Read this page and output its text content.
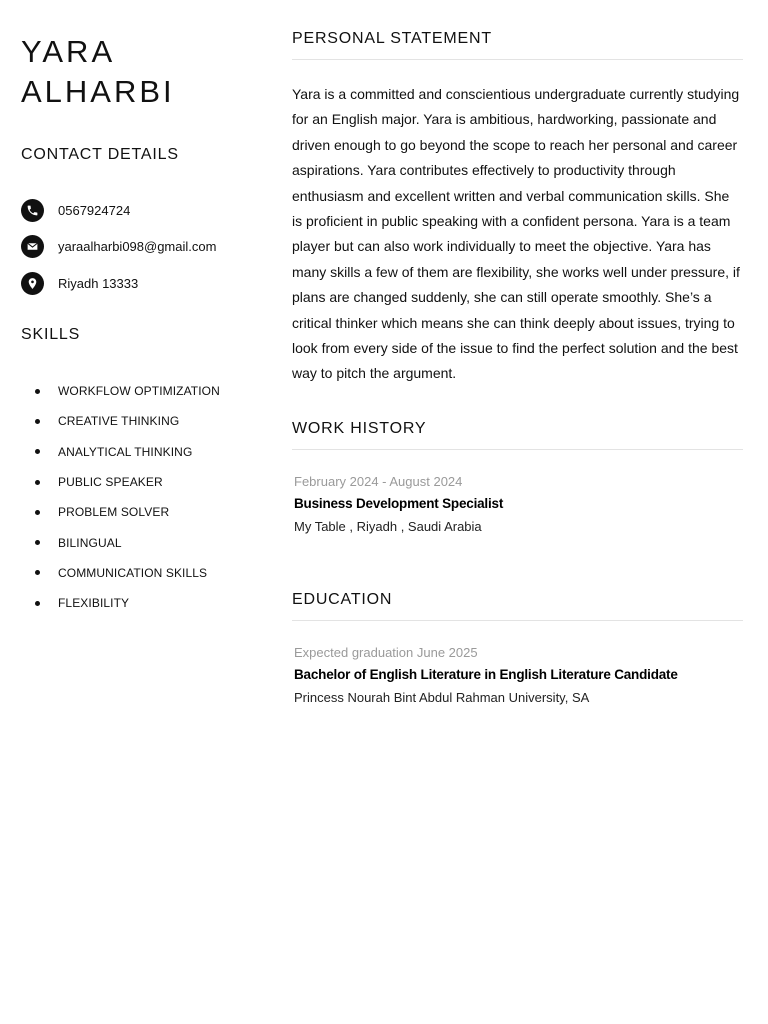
YARA
ALHARBI
CONTACT DETAILS
0567924724
yaraalharbi098@gmail.com
Riyadh 13333
SKILLS
WORKFLOW OPTIMIZATION
CREATIVE THINKING
ANALYTICAL THINKING
PUBLIC SPEAKER
PROBLEM SOLVER
BILINGUAL
COMMUNICATION SKILLS
FLEXIBILITY
PERSONAL STATEMENT

Yara is a committed and conscientious undergraduate currently studying for an English major. Yara is ambitious, hardworking, passionate and driven enough to go beyond the scope to reach her personal and career aspirations. Yara contributes effectively to productivity through enthusiasm and excellent written and verbal communication skills. She is proficient in public speaking with a confident persona. Yara is a team player but can also work individually to meet the objective. Yara has many skills a few of them are flexibility, she works well under pressure, if plans are changed suddenly, she can still operate smoothly. She’s a critical thinker which means she can think deeply about issues, trying to look from every side of the issue to find the perfect solution and the best way to pitch the argument.

WORK HISTORY
February 2024 - August 2024
Business Development Specialist
My Table , Riyadh , Saudi Arabia
EDUCATION
Expected graduation June 2025
Bachelor of English Literature in English Literature Candidate
Princess Nourah Bint Abdul Rahman University, SA
